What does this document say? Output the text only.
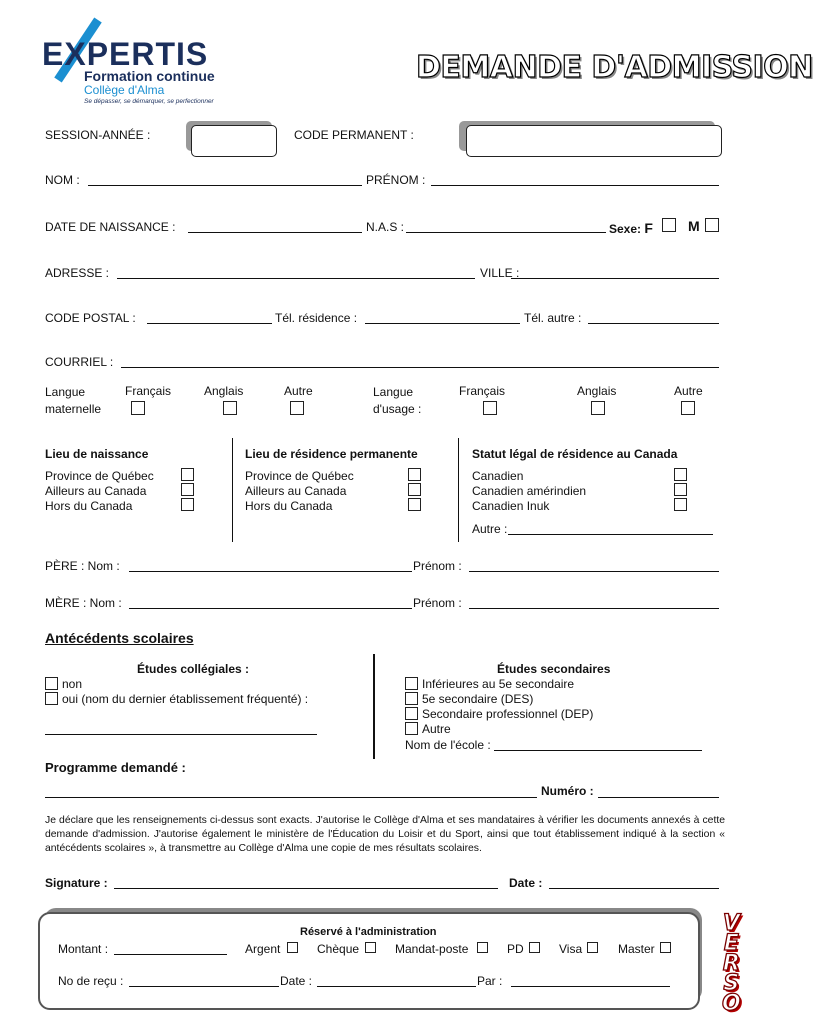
EXPERTIS
Formation continue
Collège d'Alma
Se dépasser, se démarquer, se perfectionner
DEMANDE D'ADMISSION
SESSION-ANNÉE :	CODE PERMANENT :
NOM :	PRÉNOM :
DATE DE NAISSANCE :	N.A.S :	Sexe: F	M
ADRESSE :	VILLE :
CODE POSTAL :	Tél. résidence :	Tél. autre :
COURRIEL :
Langue maternelle
Français	Anglais	Autre	Langue d'usage :
Français	Anglais	Autre
Lieu de naissance
Province de Québec
Ailleurs au Canada
Hors du Canada
Lieu de résidence permanente
Province de Québec
Ailleurs au Canada
Hors du Canada
Statut légal de résidence au Canada
Canadien
Canadien amérindien
Canadien Inuk
Autre :
PÈRE : Nom :	Prénom :
MÈRE : Nom :	Prénom :
Antécédents scolaires
Études collégiales :
non
oui (nom du dernier établissement fréquenté) :
Études secondaires
Inférieures au 5e secondaire
5e secondaire (DES)
Secondaire professionnel (DEP)
Autre
Nom de l'école :
Programme demandé :
Numéro :
Je déclare que les renseignements ci-dessus sont exacts. J'autorise le Collège d'Alma et ses mandataires à vérifier les documents annexés à cette demande d'admission. J'autorise également le ministère de l'Éducation du Loisir et du Sport, ainsi que tout établissement indiqué à la section « antécédents scolaires », à transmettre au Collège d'Alma une copie de mes résultats scolaires.
Signature :	Date :
Réservé à l'administration
Montant :	Argent	Chèque	Mandat-poste	PD	Visa	Master
No de reçu :	Date :	Par :
V
E
R
S
O
